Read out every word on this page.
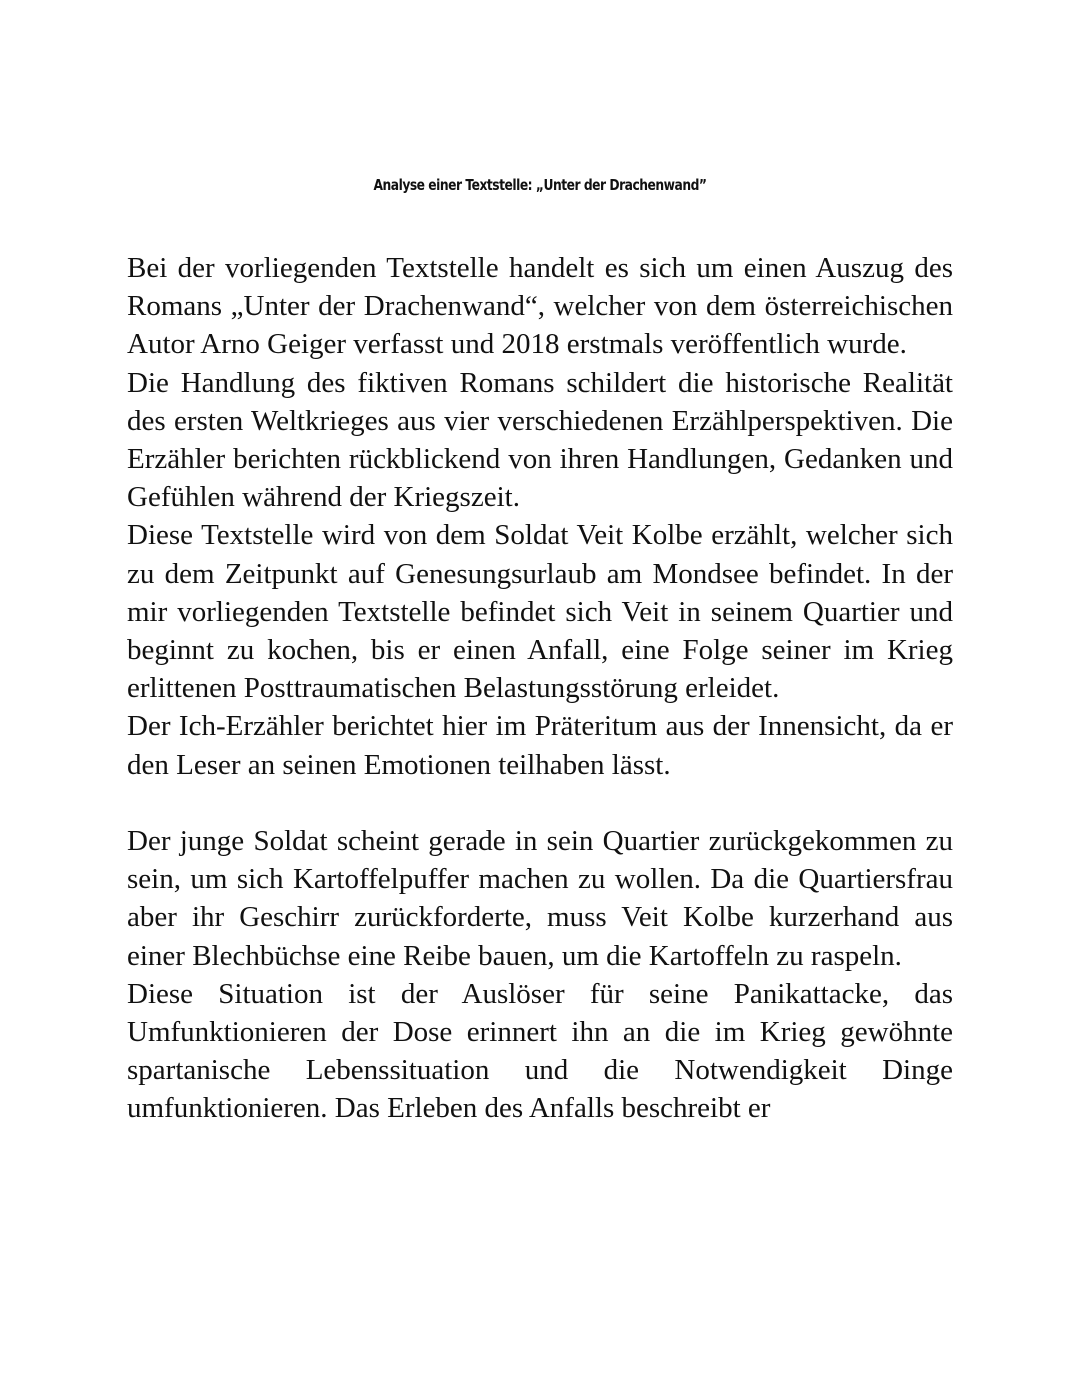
Analyse einer Textstelle: „Unter der Drachenwand”

Bei der vorliegenden Textstelle handelt es sich um einen Auszug des Romans „Unter der Drachenwand“, welcher von dem österreichischen Autor Arno Geiger verfasst und 2018 erstmals veröffentlich wurde.

Die Handlung des fiktiven Romans schildert die historische Realität des ersten Weltkrieges aus vier verschiedenen Erzählperspektiven. Die Erzähler berichten rückblickend von ihren Handlungen, Gedanken und Gefühlen während der Kriegszeit.

Diese Textstelle wird von dem Soldat Veit Kolbe erzählt, welcher sich zu dem Zeitpunkt auf Genesungsurlaub am Mondsee befindet. In der mir vorliegenden Textstelle befindet sich Veit in seinem Quartier und beginnt zu kochen, bis er einen Anfall, eine Folge seiner im Krieg erlittenen Posttraumatischen Belastungsstörung erleidet.

Der Ich-Erzähler berichtet hier im Präteritum aus der Innensicht, da er den Leser an seinen Emotionen teilhaben lässt.

Der junge Soldat scheint gerade in sein Quartier zurückgekommen zu sein, um sich Kartoffelpuffer machen zu wollen. Da die Quartiersfrau aber ihr Geschirr zurückforderte, muss Veit Kolbe kurzerhand aus einer Blechbüchse eine Reibe bauen, um die Kartoffeln zu raspeln.

Diese Situation ist der Auslöser für seine Panikattacke, das Umfunktionieren der Dose erinnert ihn an die im Krieg gewöhnte spartanische Lebenssituation und die Notwendigkeit Dinge umfunktionieren. Das Erleben des Anfalls beschreibt er
